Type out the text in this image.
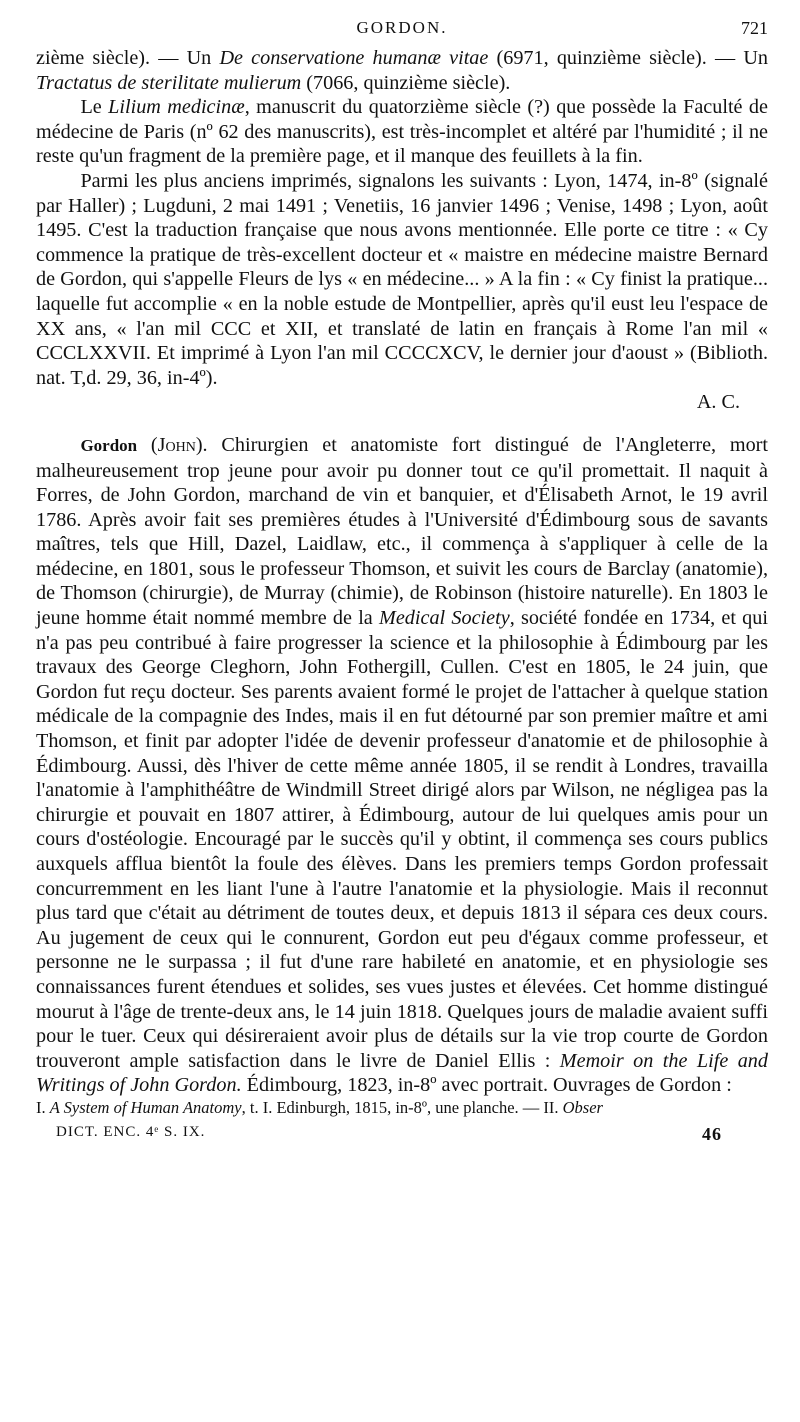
GORDON.	721

zième siècle). — Un De conservatione humanæ vitae (6971, quinzième siècle). — Un Tractatus de sterilitate mulierum (7066, quinzième siècle).

Le Lilium medicinæ, manuscrit du quatorzième siècle (?) que possède la Faculté de médecine de Paris (nº 62 des manuscrits), est très-incomplet et altéré par l'humidité ; il ne reste qu'un fragment de la première page, et il manque des feuillets à la fin.

Parmi les plus anciens imprimés, signalons les suivants : Lyon, 1474, in-8º (signalé par Haller) ; Lugduni, 2 mai 1491 ; Venetiis, 16 janvier 1496 ; Venise, 1498 ; Lyon, août 1495. C'est la traduction française que nous avons mentionnée. Elle porte ce titre : « Cy commence la pratique de très-excellent docteur et « maistre en médecine maistre Bernard de Gordon, qui s'appelle Fleurs de lys « en médecine... » A la fin : « Cy finist la pratique... laquelle fut accomplie « en la noble estude de Montpellier, après qu'il eust leu l'espace de XX ans, « l'an mil CCC et XII, et translaté de latin en français à Rome l'an mil « CCCLXXVII. Et imprimé à Lyon l'an mil CCCCXCV, le dernier jour d'aoust » (Biblioth. nat. T,d. 29, 36, in-4º).

A. C.

Gordon (John). Chirurgien et anatomiste fort distingué de l'Angleterre, mort malheureusement trop jeune pour avoir pu donner tout ce qu'il promettait. Il naquit à Forres, de John Gordon, marchand de vin et banquier, et d'Élisabeth Arnot, le 19 avril 1786. Après avoir fait ses premières études à l'Université d'Édimbourg sous de savants maîtres, tels que Hill, Dazel, Laidlaw, etc., il commença à s'appliquer à celle de la médecine, en 1801, sous le professeur Thomson, et suivit les cours de Barclay (anatomie), de Thomson (chirurgie), de Murray (chimie), de Robinson (histoire naturelle). En 1803 le jeune homme était nommé membre de la Medical Society, société fondée en 1734, et qui n'a pas peu contribué à faire progresser la science et la philosophie à Édimbourg par les travaux des George Cleghorn, John Fothergill, Cullen. C'est en 1805, le 24 juin, que Gordon fut reçu docteur. Ses parents avaient formé le projet de l'attacher à quelque station médicale de la compagnie des Indes, mais il en fut détourné par son premier maître et ami Thomson, et finit par adopter l'idée de devenir professeur d'anatomie et de philosophie à Édimbourg. Aussi, dès l'hiver de cette même année 1805, il se rendit à Londres, travailla l'anatomie à l'amphithéâtre de Windmill Street dirigé alors par Wilson, ne négligea pas la chirurgie et pouvait en 1807 attirer, à Édimbourg, autour de lui quelques amis pour un cours d'ostéologie. Encouragé par le succès qu'il y obtint, il commença ses cours publics auxquels afflua bientôt la foule des élèves. Dans les premiers temps Gordon professait concurremment en les liant l'une à l'autre l'anatomie et la physiologie. Mais il reconnut plus tard que c'était au détriment de toutes deux, et depuis 1813 il sépara ces deux cours. Au jugement de ceux qui le connurent, Gordon eut peu d'égaux comme professeur, et personne ne le surpassa ; il fut d'une rare habileté en anatomie, et en physiologie ses connaissances furent étendues et solides, ses vues justes et élevées. Cet homme distingué mourut à l'âge de trente-deux ans, le 14 juin 1818. Quelques jours de maladie avaient suffi pour le tuer. Ceux qui désireraient avoir plus de détails sur la vie trop courte de Gordon trouveront ample satisfaction dans le livre de Daniel Ellis : Memoir on the Life and Writings of John Gordon. Édimbourg, 1823, in-8º avec portrait. Ouvrages de Gordon :

I. A System of Human Anatomy, t. I. Edinburgh, 1815, in-8º, une planche. — II. Obser

DICT. ENC. 4ᵉ S. IX.	46
